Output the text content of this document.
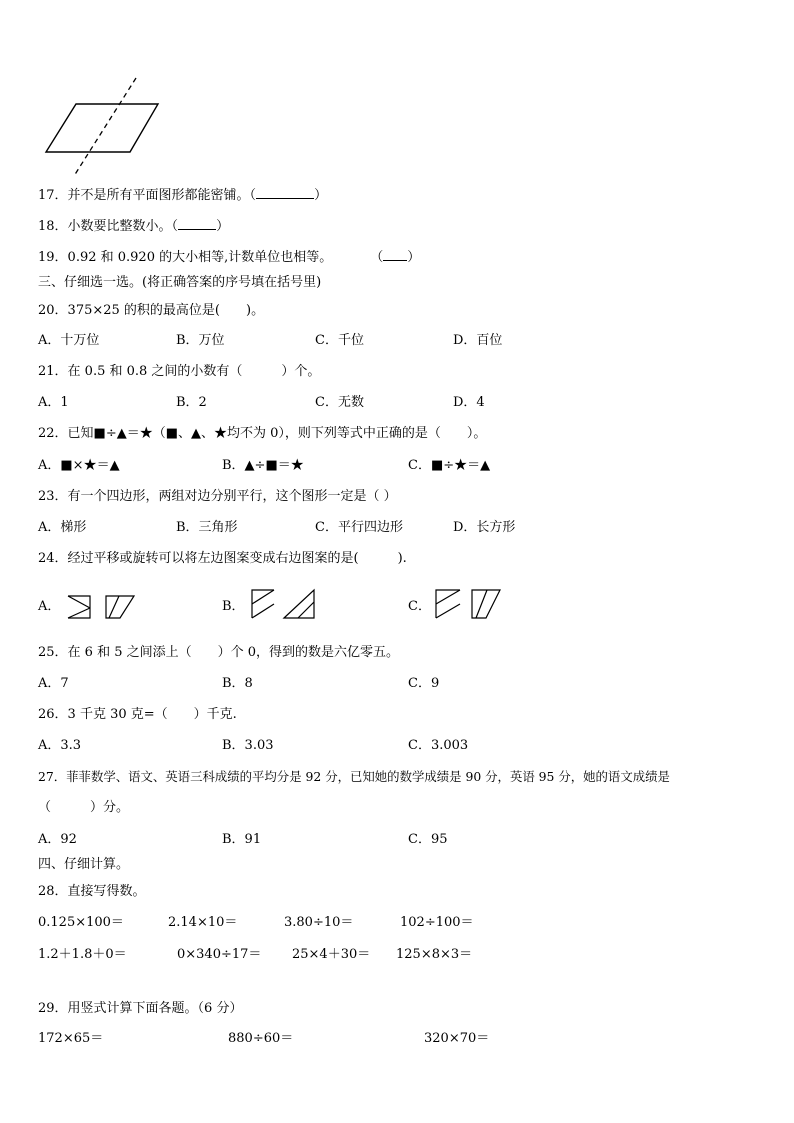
17．并不是所有平面图形都能密铺。（	）
18．小数要比整数小。（	）
19．0.92 和 0.920 的大小相等,计数单位也相等。	（ ）
三、仔细选一选。(将正确答案的序号填在括号里)
20．375×25 的积的最高位是(　　)。
A．十万位	B．万位	C．千位	D．百位
21．在 0.5 和 0.8 之间的小数有（　　　）个。
A．1	B．2	C．无数	D．4
22．已知■÷▲＝★（■、▲、★均不为 0），则下列等式中正确的是（　　）。
A．■×★＝▲	B．▲÷■＝★	C．■÷★＝▲
23．有一个四边形，两组对边分别平行，这个图形一定是（ ）
A．梯形	B．三角形	C．平行四边形	D．长方形
24．经过平移或旋转可以将左边图案变成右边图案的是(　　　).
A．	B．	C．
25．在 6 和 5 之间添上（　　）个 0，得到的数是六亿零五。
A．7	B．8	C．9
26．3 千克 30 克=（　　）千克.
A．3.3	B．3.03	C．3.003
27．菲菲数学、语文、英语三科成绩的平均分是 92 分，已知她的数学成绩是 90 分，英语 95 分，她的语文成绩是
（　　　）分。
A．92	B．91	C．95
四、仔细计算。
28．直接写得数。
0.125×100＝	2.14×10＝	3.80÷10＝	102÷100＝
1.2＋1.8＋0＝	0×340÷17＝ 25×4＋30＝ 125×8×3＝
29．用竖式计算下面各题。（6 分）
172×65＝	880÷60＝	320×70＝
